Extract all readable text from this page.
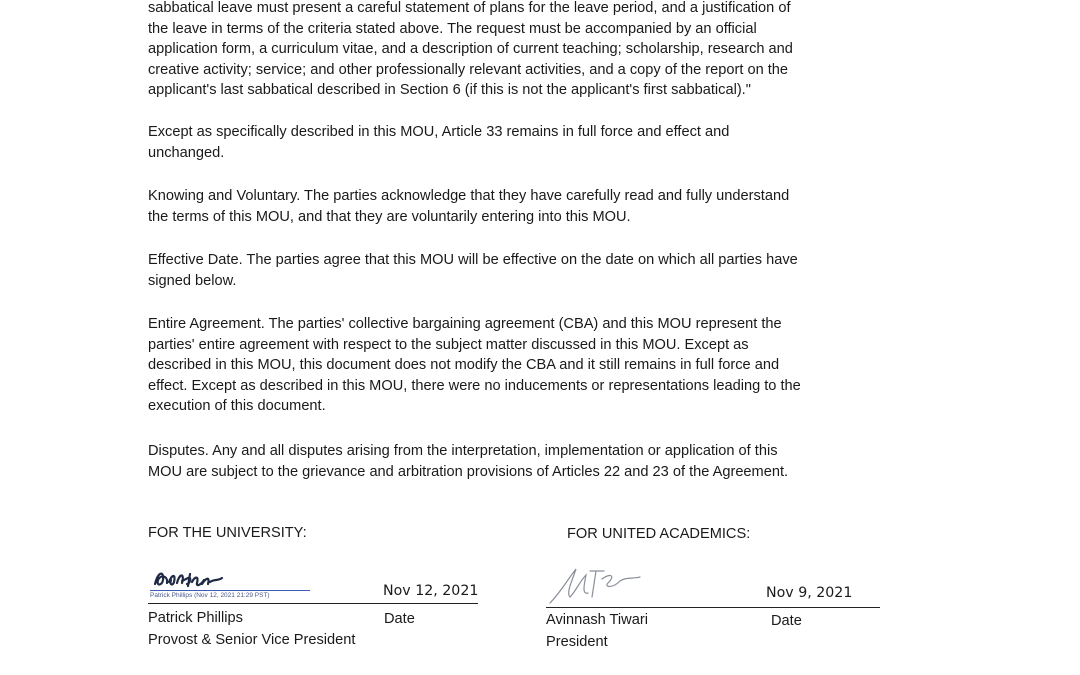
sabbatical leave must present a careful statement of plans for the leave period, and a justification of
the leave in terms of the criteria stated above. The request must be accompanied by an official
application form, a curriculum vitae, and a description of current teaching; scholarship, research and
creative activity; service; and other professionally relevant activities, and a copy of the report on the
applicant's last sabbatical described in Section 6 (if this is not the applicant's first sabbatical)."
Except as specifically described in this MOU, Article 33 remains in full force and effect and
unchanged.
Knowing and Voluntary. The parties acknowledge that they have carefully read and fully understand
the terms of this MOU, and that they are voluntarily entering into this MOU.
Effective Date. The parties agree that this MOU will be effective on the date on which all parties have
signed below.
Entire Agreement. The parties' collective bargaining agreement (CBA) and this MOU represent the
parties' entire agreement with respect to the subject matter discussed in this MOU. Except as
described in this MOU, this document does not modify the CBA and it still remains in full force and
effect. Except as described in this MOU, there were no inducements or representations leading to the
execution of this document.
Disputes. Any and all disputes arising from the interpretation, implementation or application of this
MOU are subject to the grievance and arbitration provisions of Articles 22 and 23 of the Agreement.
FOR THE UNIVERSITY:
Patrick Phillips (Nov 12, 2021 21:29 PST)	Nov 12, 2021
Patrick Phillips	Date
Provost & Senior Vice President
FOR UNITED ACADEMICS:
Nov 9, 2021
Avinnash Tiwari	Date
President
